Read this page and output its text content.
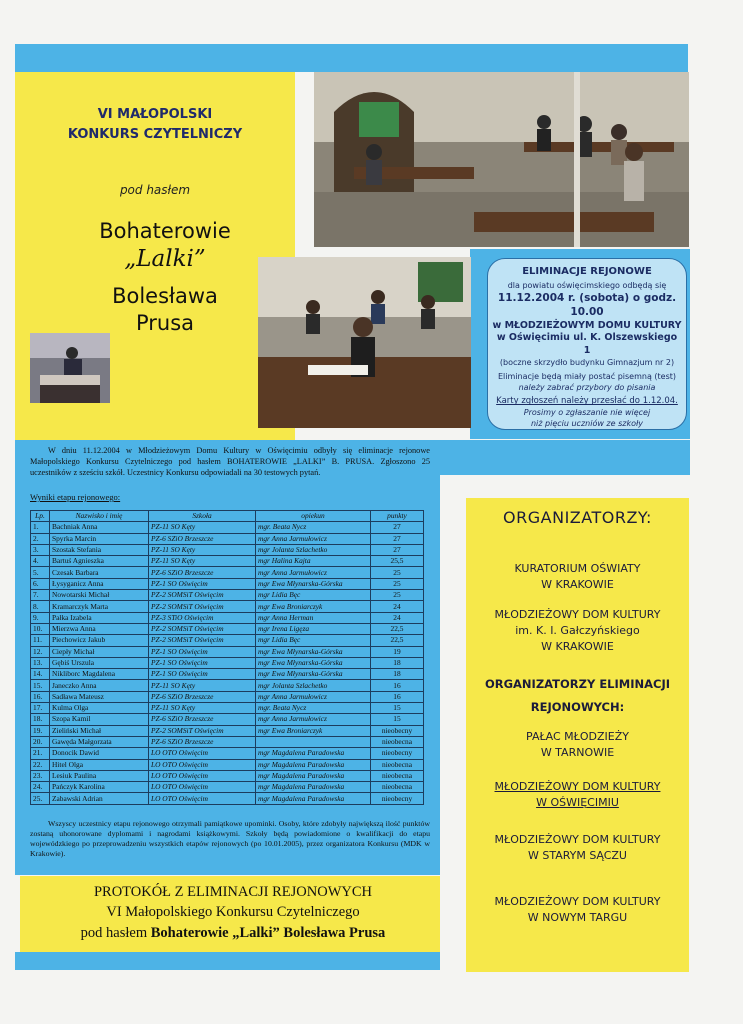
VI MAŁOPOLSKI
KONKURS CZYTELNICZY
pod hasłem
Bohaterowie
„Lalki”
Bolesława
Prusa
ELIMINACJE REJONOWE
dla powiatu oświęcimskiego odbędą się
11.12.2004 r. (sobota) o godz. 10.00
w MŁODZIEŻOWYM DOMU KULTURY
w Oświęcimiu ul. K. Olszewskiego 1
(boczne skrzydło budynku Gimnazjum nr 2)
Eliminacje będą miały postać pisemną (test)
należy zabrać przybory do pisania
Karty zgłoszeń należy przesłać do 1.12.04.
Prosimy o zgłaszanie nie więcej
niż pięciu uczniów ze szkoły
W dniu 11.12.2004 w Młodzieżowym Domu Kultury w Oświęcimiu odbyły się eliminacje rejonowe Małopolskiego Konkursu Czytelniczego pod hasłem BOHATEROWIE „LALKI” B. PRUSA. Zgłoszono 25 uczestników z sześciu szkół. Uczestnicy Konkursu odpowiadali na 30 testowych pytań.
Wyniki etapu rejonowego:
Lp.	Nazwisko i imię	Szkoła	opiekun	punkty
1.	Bachniak Anna	PZ-11 SO Kęty	mgr. Beata Nycz	27
2.	Spyrka Marcin	PZ-6 SZiO Brzeszcze	mgr Anna Jarmułowicz	27
3.	Szostak Stefania	PZ-11 SO Kęty	mgr Jolanta Szlachetko	27
4.	Bartuś Agnieszka	PZ-11 SO Kęty	mgr Halina Kajta	25,5
5.	Czesak Barbara	PZ-6 SZiO Brzeszcze	mgr Anna Jarmułowicz	25
6.	Łysyganicz Anna	PZ-1 SO Oświęcim	mgr Ewa Młynarska-Górska	25
7.	Nowotarski Michał	PZ-2 SOMSiT Oświęcim	mgr Lidia Bęc	25
8.	Kramarczyk Marta	PZ-2 SOMSiT Oświęcim	mgr Ewa Broniarczyk	24
9.	Pałka Izabela	PZ-3 STiO Oświęcim	mgr Anna Herman	24
10.	Mierzwa Anna	PZ-2 SOMSiT Oświęcim	mgr Irena Ligęza	22,5
11.	Piechowicz Jakub	PZ-2 SOMSiT Oświęcim	mgr Lidia Bęc	22,5
12.	Ciepły Michał	PZ-1 SO Oświęcim	mgr Ewa Młynarska-Górska	19
13.	Gębiś Urszula	PZ-1 SO Oświęcim	mgr Ewa Młynarska-Górska	18
14.	Nikliborc Magdalena	PZ-1 SO Oświęcim	mgr Ewa Młynarska-Górska	18
15.	Janeczko Anna	PZ-11 SO Kęty	mgr Jolanta Szlachetko	16
16.	Sadława Mateusz	PZ-6 SZiO Brzeszcze	mgr Anna Jarmułowicz	16
17.	Kulma Olga	PZ-11 SO Kęty	mgr. Beata Nycz	15
18.	Szopa Kamil	PZ-6 SZiO Brzeszcze	mgr Anna Jarmułowicz	15
19.	Zieliński Michał	PZ-2 SOMSiT Oświęcim	mgr Ewa Broniarczyk	nieobecny
20.	Gawęda Małgorzata	PZ-6 SZiO Brzeszcze		nieobecna
21.	Donocik Dawid	LO OTO Oświęcim	mgr Magdalena Paradowska	nieobecny
22.	Hitel Olga	LO OTO Oświęcim	mgr Magdalena Paradowska	nieobecna
23.	Lesiuk Paulina	LO OTO Oświęcim	mgr Magdalena Paradowska	nieobecna
24.	Pańczyk Karolina	LO OTO Oświęcim	mgr Magdalena Paradowska	nieobecna
25.	Zabawski Adrian	LO OTO Oświęcim	mgr Magdalena Paradowska	nieobecny
Wszyscy uczestnicy etapu rejonowego otrzymali pamiątkowe upominki. Osoby, które zdobyły największą ilość punktów zostaną uhonorowane dyplomami i nagrodami książkowymi. Szkoły będą powiadomione o kwalifikacji do etapu wojewódzkiego po przeprowadzeniu wszystkich etapów rejonowych (po 10.01.2005), przez organizatora Konkursu (MDK w Krakowie).
PROTOKÓŁ Z ELIMINACJI REJONOWYCH
VI Małopolskiego Konkursu Czytelniczego
pod hasłem Bohaterowie „Lalki” Bolesława Prusa
ORGANIZATORZY:
KURATORIUM OŚWIATY
W KRAKOWIE
MŁODZIEŻOWY DOM KULTURY
im. K. I. Gałczyńskiego
W KRAKOWIE
ORGANIZATORZY ELIMINACJI
REJONOWYCH:
PAŁAC MŁODZIEŻY
W TARNOWIE
MŁODZIEŻOWY DOM KULTURY
W OŚWIĘCIMIU
MŁODZIEŻOWY DOM KULTURY
W STARYM SĄCZU
MŁODZIEŻOWY DOM KULTURY
W NOWYM TARGU
